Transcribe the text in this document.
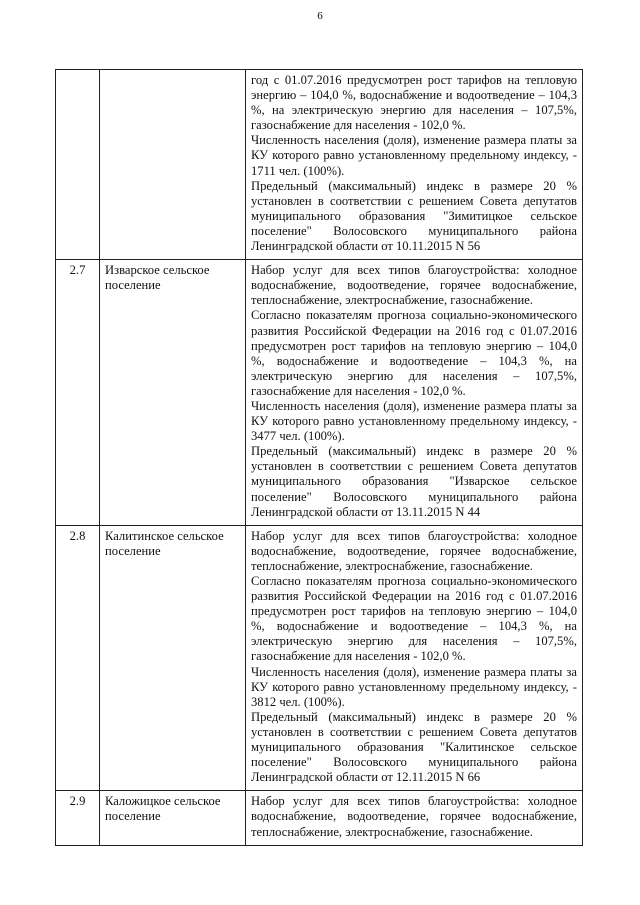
6

		год с 01.07.2016 предусмотрен рост тарифов на тепловую энергию – 104,0 %, водоснабжение и водоотведение – 104,3 %, на электрическую энергию для населения – 107,5%, газоснабжение для населения - 102,0 %.

Численность населения (доля), изменение размера платы за КУ которого равно установленному предельному индексу, - 1711 чел. (100%).

Предельный (максимальный) индекс в размере 20 % установлен в соответствии с решением Совета депутатов муниципального образования "Зимитицкое сельское поселение" Волосовского муниципального района Ленинградской области от 10.11.2015 N 56

2.7	Изварское сельское поселение	Набор услуг для всех типов благоустройства: холодное водоснабжение, водоотведение, горячее водоснабжение, теплоснабжение, электроснабжение, газоснабжение.

Согласно показателям прогноза социально-экономического развития Российской Федерации на 2016 год с 01.07.2016 предусмотрен рост тарифов на тепловую энергию – 104,0 %, водоснабжение и водоотведение – 104,3 %, на электрическую энергию для населения – 107,5%, газоснабжение для населения - 102,0 %.

Численность населения (доля), изменение размера платы за КУ которого равно установленному предельному индексу, - 3477 чел. (100%).

Предельный (максимальный) индекс в размере 20 % установлен в соответствии с решением Совета депутатов муниципального образования "Изварское сельское поселение" Волосовского муниципального района Ленинградской области от 13.11.2015 N 44

2.8	Калитинское сельское поселение	Набор услуг для всех типов благоустройства: холодное водоснабжение, водоотведение, горячее водоснабжение, теплоснабжение, электроснабжение, газоснабжение.

Согласно показателям прогноза социально-экономического развития Российской Федерации на 2016 год с 01.07.2016 предусмотрен рост тарифов на тепловую энергию – 104,0 %, водоснабжение и водоотведение – 104,3 %, на электрическую энергию для населения – 107,5%, газоснабжение для населения - 102,0 %.

Численность населения (доля), изменение размера платы за КУ которого равно установленному предельному индексу, - 3812 чел. (100%).

Предельный (максимальный) индекс в размере 20 % установлен в соответствии с решением Совета депутатов муниципального образования "Калитинское сельское поселение" Волосовского муниципального района Ленинградской области от 12.11.2015 N 66

2.9	Каложицкое сельское поселение	Набор услуг для всех типов благоустройства: холодное водоснабжение, водоотведение, горячее водоснабжение, теплоснабжение, электроснабжение, газоснабжение.
